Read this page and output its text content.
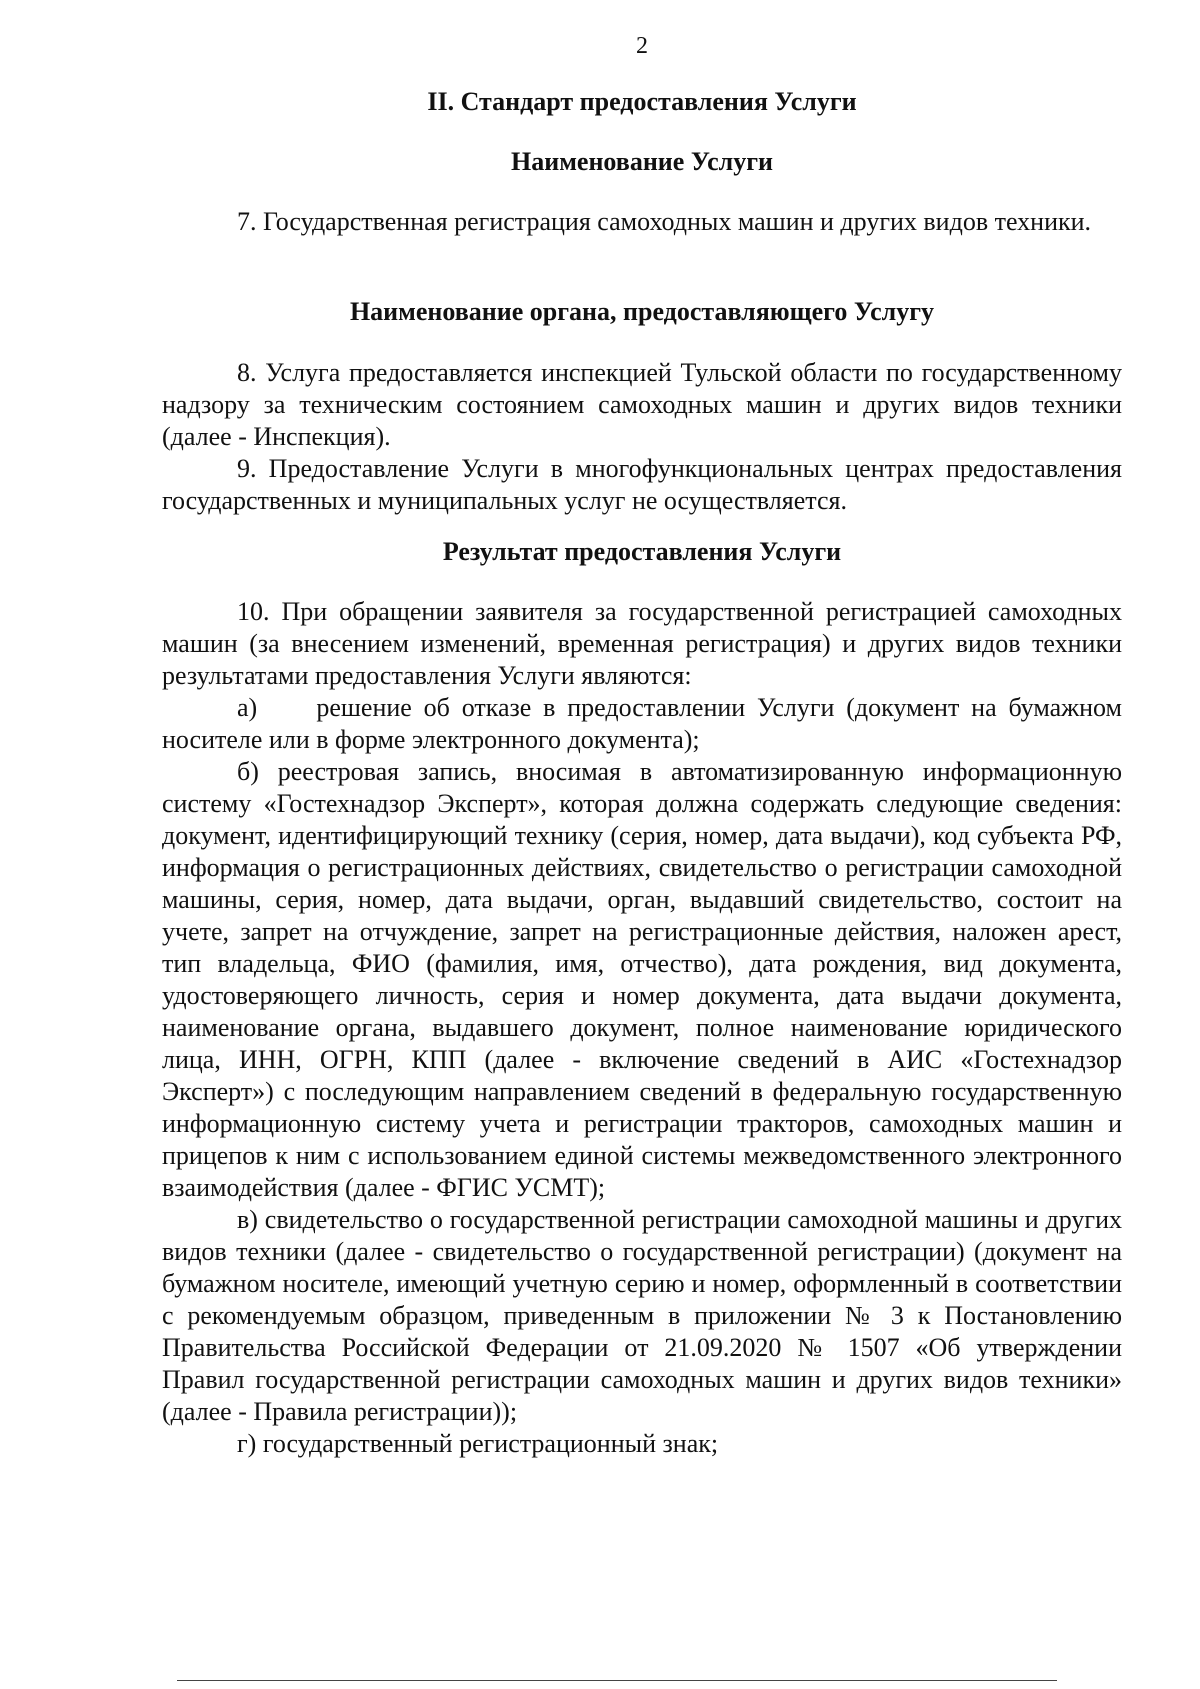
2
II. Стандарт предоставления Услуги
Наименование Услуги

7. Государственная регистрация самоходных машин и других видов техники.

Наименование органа, предоставляющего Услугу

8. Услуга предоставляется инспекцией Тульской области по государственному надзору за техническим состоянием самоходных машин и других видов техники (далее - Инспекция).

9. Предоставление Услуги в многофункциональных центрах предоставления государственных и муниципальных услуг не осуществляется.

Результат предоставления Услуги

10. При обращении заявителя за государственной регистрацией самоходных машин (за внесением изменений, временная регистрация) и других видов техники результатами предоставления Услуги являются:

а)     решение об отказе в предоставлении Услуги (документ на бумажном носителе или в форме электронного документа);

б) реестровая запись, вносимая в автоматизированную информационную систему «Гостехнадзор Эксперт», которая должна содержать следующие сведения: документ, идентифицирующий технику (серия, номер, дата выдачи), код субъекта РФ, информация о регистрационных действиях, свидетельство о регистрации самоходной машины, серия, номер, дата выдачи, орган, выдавший свидетельство, состоит на учете, запрет на отчуждение, запрет на регистрационные действия, наложен арест, тип владельца, ФИО (фамилия, имя, отчество), дата рождения, вид документа, удостоверяющего личность, серия и номер документа, дата выдачи документа, наименование органа, выдавшего документ, полное наименование юридического лица, ИНН, ОГРН, КПП (далее - включение сведений в АИС «Гостехнадзор Эксперт») с последующим направлением сведений в федеральную государственную информационную систему учета и регистрации тракторов, самоходных машин и прицепов к ним с использованием единой системы межведомственного электронного взаимодействия (далее - ФГИС УСМТ);

в) свидетельство о государственной регистрации самоходной машины и других видов техники (далее - свидетельство о государственной регистрации) (документ на бумажном носителе, имеющий учетную серию и номер, оформленный в соответствии с рекомендуемым образцом, приведенным в приложении № 3 к Постановлению Правительства Российской Федерации от 21.09.2020 № 1507 «Об утверждении Правил государственной регистрации самоходных машин и других видов техники» (далее - Правила регистрации));

г) государственный регистрационный знак;
